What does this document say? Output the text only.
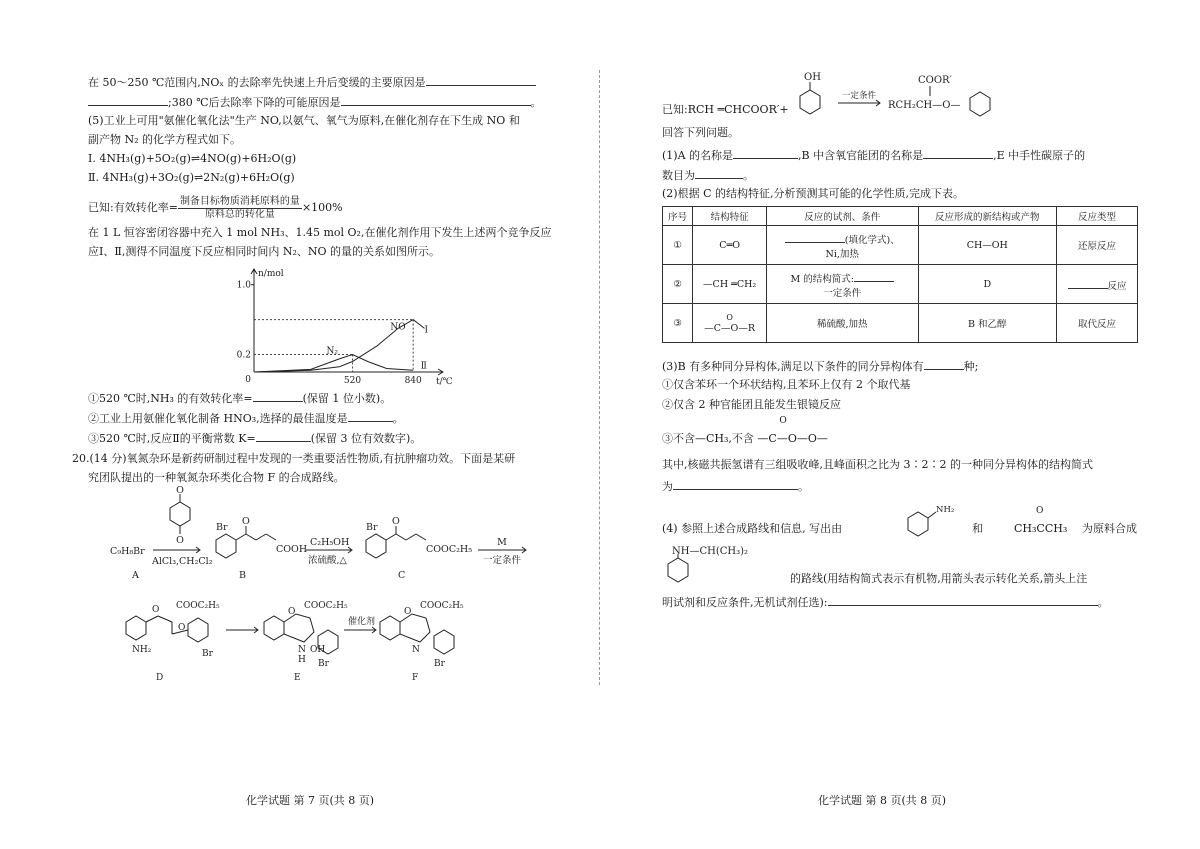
在 50～250 ℃范围内,NOₓ 的去除率先快速上升后变缓的主要原因是
;380 ℃后去除率下降的可能原因是	。
(5)工业上可用"氨催化氧化法"生产 NO,以氨气、氧气为原料,在催化剂存在下生成 NO 和
副产物 N₂ 的化学方程式如下。
Ⅰ. 4NH₃(g)+5O₂(g)⇌4NO(g)+6H₂O(g)
Ⅱ. 4NH₃(g)+3O₂(g)⇌2N₂(g)+6H₂O(g)
已知:有效转化率= $\frac{\text{制备目标物质消耗原料的量}}{\text{原料总的转化量}} \times 100\%$
在 1 L 恒容密闭容器中充入 1 mol NH₃、1.45 mol O₂,在催化剂作用下发生上述两个竞争反应
应Ⅰ、Ⅱ,测得不同温度下反应相同时间内 N₂、NO 的量的关系如图所示。
n/mol
t/℃
0
0.2
1.0
520	840
N₂
NO Ⅰ
Ⅱ
①520 ℃时,NH₃ 的有效转化率=	(保留 1 位小数)。
②工业上用氨催化氧化制备 HNO₃,选择的最佳温度是	。
③520 ℃时,反应Ⅱ的平衡常数 K=	(保留 3 位有效数字)。
20.(14 分)氧氮杂环是新药研制过程中发现的一类重要活性物质,有抗肿瘤功效。下面是某研
究团队提出的一种氧氮杂环类化合物 F 的合成路线。
C₉H₈Br
O
O
AlCl₃,CH₂Cl₂
Br
O
COOH
C₂H₅OH
浓硫酸,△
Br
O
COOC₂H₅
M
一定条件
A	B	C
O COOC₂H₅
O
NH₂	Br
O
COOC₂H₅
N
H
OH
Br
催化剂
O
COOC₂H₅
N
Br
D	E	F
化学试题 第 7 页(共 8 页)
已知:RCH ═CHCOOR′+
OH
一定条件
RCH₂CH—O—
COOR′
回答下列问题。
(1)A 的名称是	,B 中含氧官能团的名称是	,E 中手性碳原子的
数目为	。
(2)根据 C 的结构特征,分析预测其可能的化学性质,完成下表。
序号	结构特征	反应的试剂、条件	反应形成的新结构或产物	反应类型
①	C═O	(填化学式)、
Ni,加热	CH—OH	还原反应
②	—CH ═CH₂	M 的结构简式:
一定条件	D	反应
③	O
—C—O—R	稀硫酸,加热	B 和乙醇	取代反应
(3)B 有多种同分异构体,满足以下条件的同分异构体有	种;
①仅含苯环一个环状结构,且苯环上仅有 2 个取代基
②仅含 2 种官能团且能发生银镜反应
③不含—CH₃,不含
O
—C—O—O—
其中,核磁共振氢谱有三组吸收峰,且峰面积之比为 3∶2∶2 的一种同分异构体的结构简式
为	。
(4) 参照上述合成路线和信息, 写出由
NH₂
和
O
CH₃CCH₃ 为原料合成
NH—CH(CH₃)₂
的路线(用结构简式表示有机物,用箭头表示转化关系,箭头上注
明试剂和反应条件,无机试剂任选):	。
化学试题 第 8 页(共 8 页)
